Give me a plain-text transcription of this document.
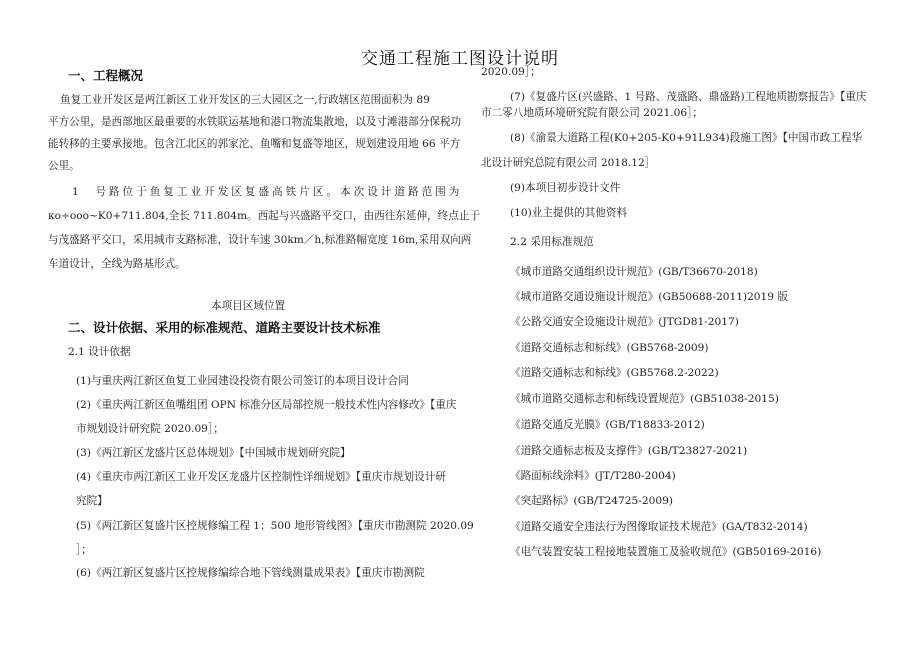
交通工程施工图设计说明
一、工程概况
鱼复工业开发区是两江新区工业开发区的三大园区之一,行政辖区范围面积为 89
平方公里，是西部地区最重要的水铁联运基地和港口物流集散地，以及寸滩港部分保税功
能转移的主要承接地。包含江北区的郭家沱、鱼嘴和复盛等地区，规划建设用地 66 平方
公里。
1　号路位于鱼复工业开发区复盛高铁片区。本次设计道路范围为
κο÷οοο~K0+711.804,全长 711.804m。西起与兴盛路平交口，由西往东延伸，终点止于
与茂盛路平交口，采用城市支路标准，设计车速 30km／h,标准路幅宽度 16m,采用双向两
车道设计，全线为路基形式。
本项目区域位置
二、设计依据、采用的标准规范、道路主要设计技术标准
2.1 设计依据
(1)与重庆两江新区鱼复工业园建设投资有限公司签订的本项目设计合同
(2)《重庆两江新区鱼嘴组团 OPN 标准分区局部控规一般技术性内容修改》【重庆
市规划设计研究院 2020.09］；
(3)《两江新区龙盛片区总体规划》【中国城市规划研究院】
(4)《重庆市两江新区工业开发区龙盛片区控制性详细规划》【重庆市规划设计研
究院】
(5)《两江新区复盛片区控规修编工程 1：500 地形管线图》【重庆市勘测院 2020.09
］；
(6)《两江新区复盛片区控规修编综合地下管线测量成果表》【重庆市勘测院
2020.09］；
(7)《复盛片区(兴盛路、1 号路、茂盛路、鼎盛路)工程地质勘察报告》【重庆
市二零八地质环境研究院有限公司 2021.06］；
(8)《渝景大道路工程(K0+205-K0+91L934)段施工图》【中国市政工程华
北设计研究总院有限公司 2018.12］
(9)本项目初步设计文件
(10)业主提供的其他资料
2.2 采用标准规范
《城市道路交通组织设计规范》(GB/T36670-2018)
《城市道路交通设施设计规范》(GB50688-2011)2019 版
《公路交通安全设施设计规范》(JTGD81-2017)
《道路交通标志和标线》(GB5768-2009)
《道路交通标志和标线》(GB5768.2-2022)
《城市道路交通标志和标线设置规范》(GB51038-2015)
《道路交通反光膜》(GB/T18833-2012)
《道路交通标志板及支撑件》(GB/T23827-2021)
《路面标线涂料》(JT/T280-2004)
《突起路标》(GB/T24725-2009)
《道路交通安全违法行为图像取证技术规范》(GA/T832-2014)
《电气装置安装工程接地装置施工及验收规范》(GB50169-2016)
